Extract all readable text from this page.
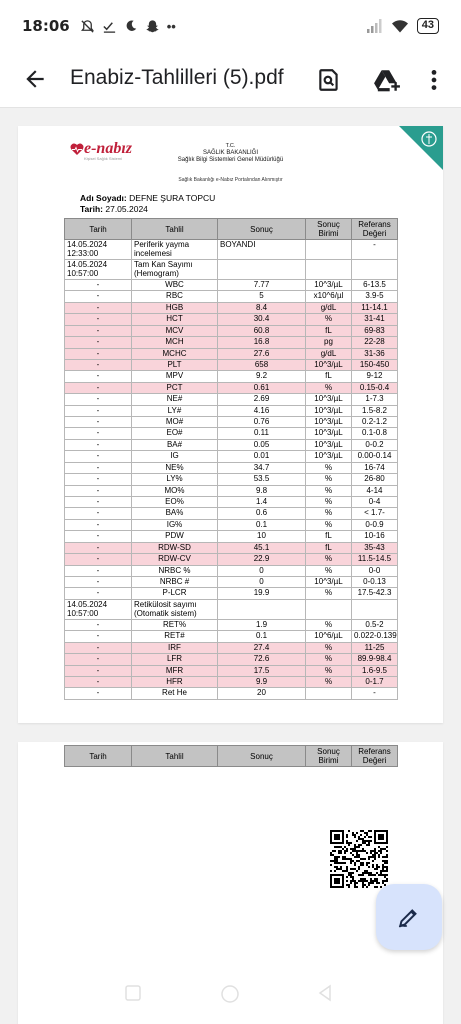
18:06	••	43
Enabiz-Tahlilleri (5).pdf
e-nabız
Kişisel Sağlık Sistemi
T.C.
SAĞLIK BAKANLIĞI
Sağlık Bilgi Sistemleri Genel Müdürlüğü
Sağlık Bakanlığı e-Nabız Portalından Alınmıştır
Adı Soyadı: DEFNE ŞURA TOPCU
Tarih: 27.05.2024
Tarih	Tahlil	Sonuç	Sonuç Birimi	Referans Değeri
14.05.2024 12:33:00	Periferik yayma incelemesi	BOYANDI		-
14.05.2024 10:57:00	Tam Kan Sayımı (Hemogram)			
-	WBC	7.77	10^3/µL	6-13.5
-	RBC	5	x10^6/µl	3.9-5
-	HGB	8.4	g/dL	11-14.1
-	HCT	30.4	%	31-41
-	MCV	60.8	fL	69-83
-	MCH	16.8	pg	22-28
-	MCHC	27.6	g/dL	31-36
-	PLT	658	10^3/µL	150-450
-	MPV	9.2	fL	9-12
-	PCT	0.61	%	0.15-0.4
-	NE#	2.69	10^3/µL	1-7.3
-	LY#	4.16	10^3/µL	1.5-8.2
-	MO#	0.76	10^3/µL	0.2-1.2
-	EO#	0.11	10^3/µL	0.1-0.8
-	BA#	0.05	10^3/µL	0-0.2
-	IG	0.01	10^3/µL	0.00-0.14
-	NE%	34.7	%	16-74
-	LY%	53.5	%	26-80
-	MO%	9.8	%	4-14
-	EO%	1.4	%	0-4
-	BA%	0.6	%	< 1.7-
-	IG%	0.1	%	0-0.9
-	PDW	10	fL	10-16
-	RDW-SD	45.1	fL	35-43
-	RDW-CV	22.9	%	11.5-14.5
-	NRBC %	0	%	0-0
-	NRBC #	0	10^3/µL	0-0.13
-	P-LCR	19.9	%	17.5-42.3
14.05.2024 10:57:00	Retikülosit sayımı (Otomatik sistem)			
-	RET%	1.9	%	0.5-2
-	RET#	0.1	10^6/µL	0.022-0.139
-	IRF	27.4	%	11-25
-	LFR	72.6	%	89.9-98.4
-	MFR	17.5	%	1.6-9.5
-	HFR	9.9	%	0-1.7
-	Ret He	20		-
Tarih	Tahlil	Sonuç	Sonuç Birimi	Referans Değeri
